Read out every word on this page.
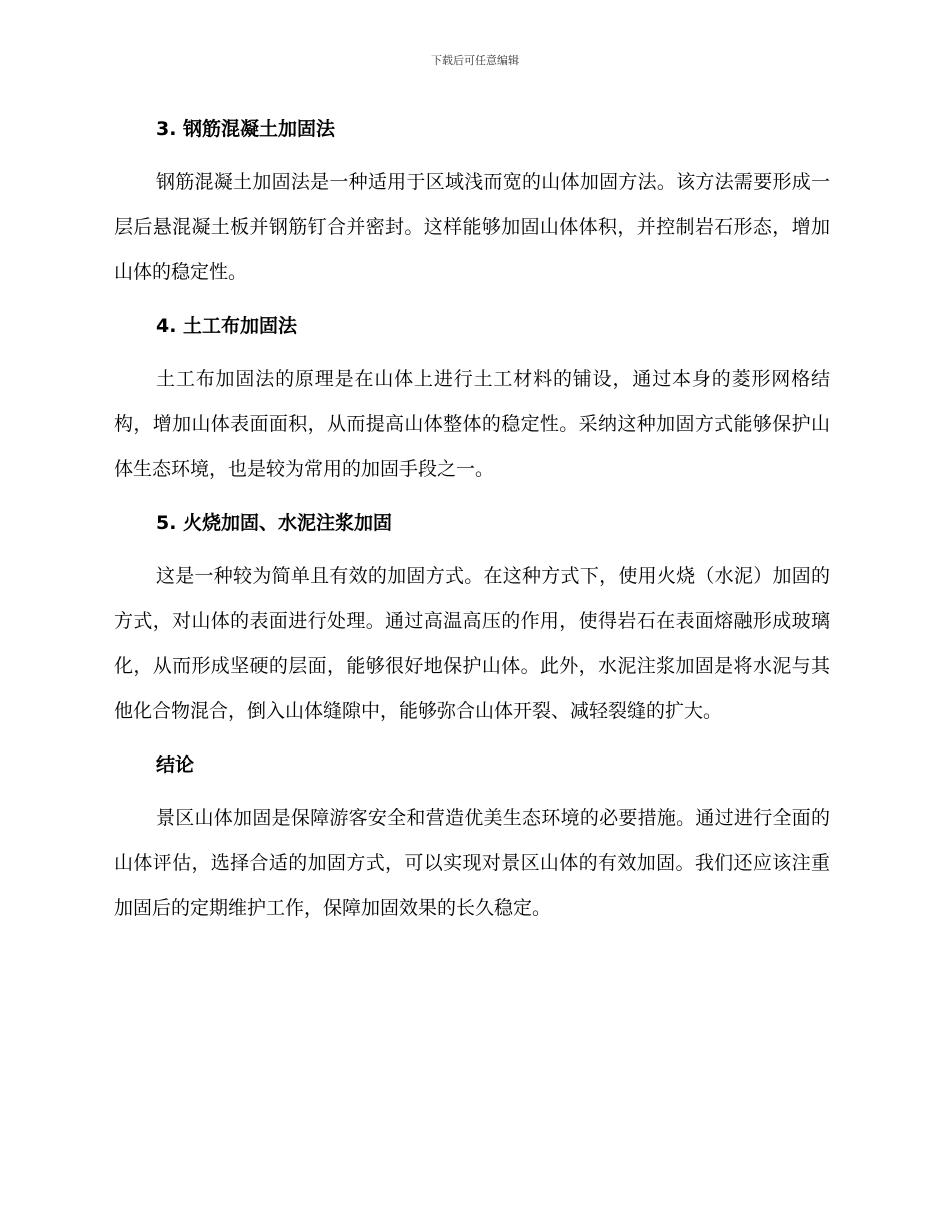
下载后可任意编辑
3. 钢筋混凝土加固法

钢筋混凝土加固法是一种适用于区域浅而宽的山体加固方法。该方法需要形成一层后悬混凝土板并钢筋钉合并密封。这样能够加固山体体积，并控制岩石形态，增加山体的稳定性。

4. 土工布加固法

土工布加固法的原理是在山体上进行土工材料的铺设，通过本身的菱形网格结构，增加山体表面面积，从而提高山体整体的稳定性。采纳这种加固方式能够保护山体生态环境，也是较为常用的加固手段之一。

5. 火烧加固、水泥注浆加固

这是一种较为简单且有效的加固方式。在这种方式下，使用火烧（水泥）加固的方式，对山体的表面进行处理。通过高温高压的作用，使得岩石在表面熔融形成玻璃化，从而形成坚硬的层面，能够很好地保护山体。此外，水泥注浆加固是将水泥与其他化合物混合，倒入山体缝隙中，能够弥合山体开裂、减轻裂缝的扩大。

结论

景区山体加固是保障游客安全和营造优美生态环境的必要措施。通过进行全面的山体评估，选择合适的加固方式，可以实现对景区山体的有效加固。我们还应该注重加固后的定期维护工作，保障加固效果的长久稳定。
